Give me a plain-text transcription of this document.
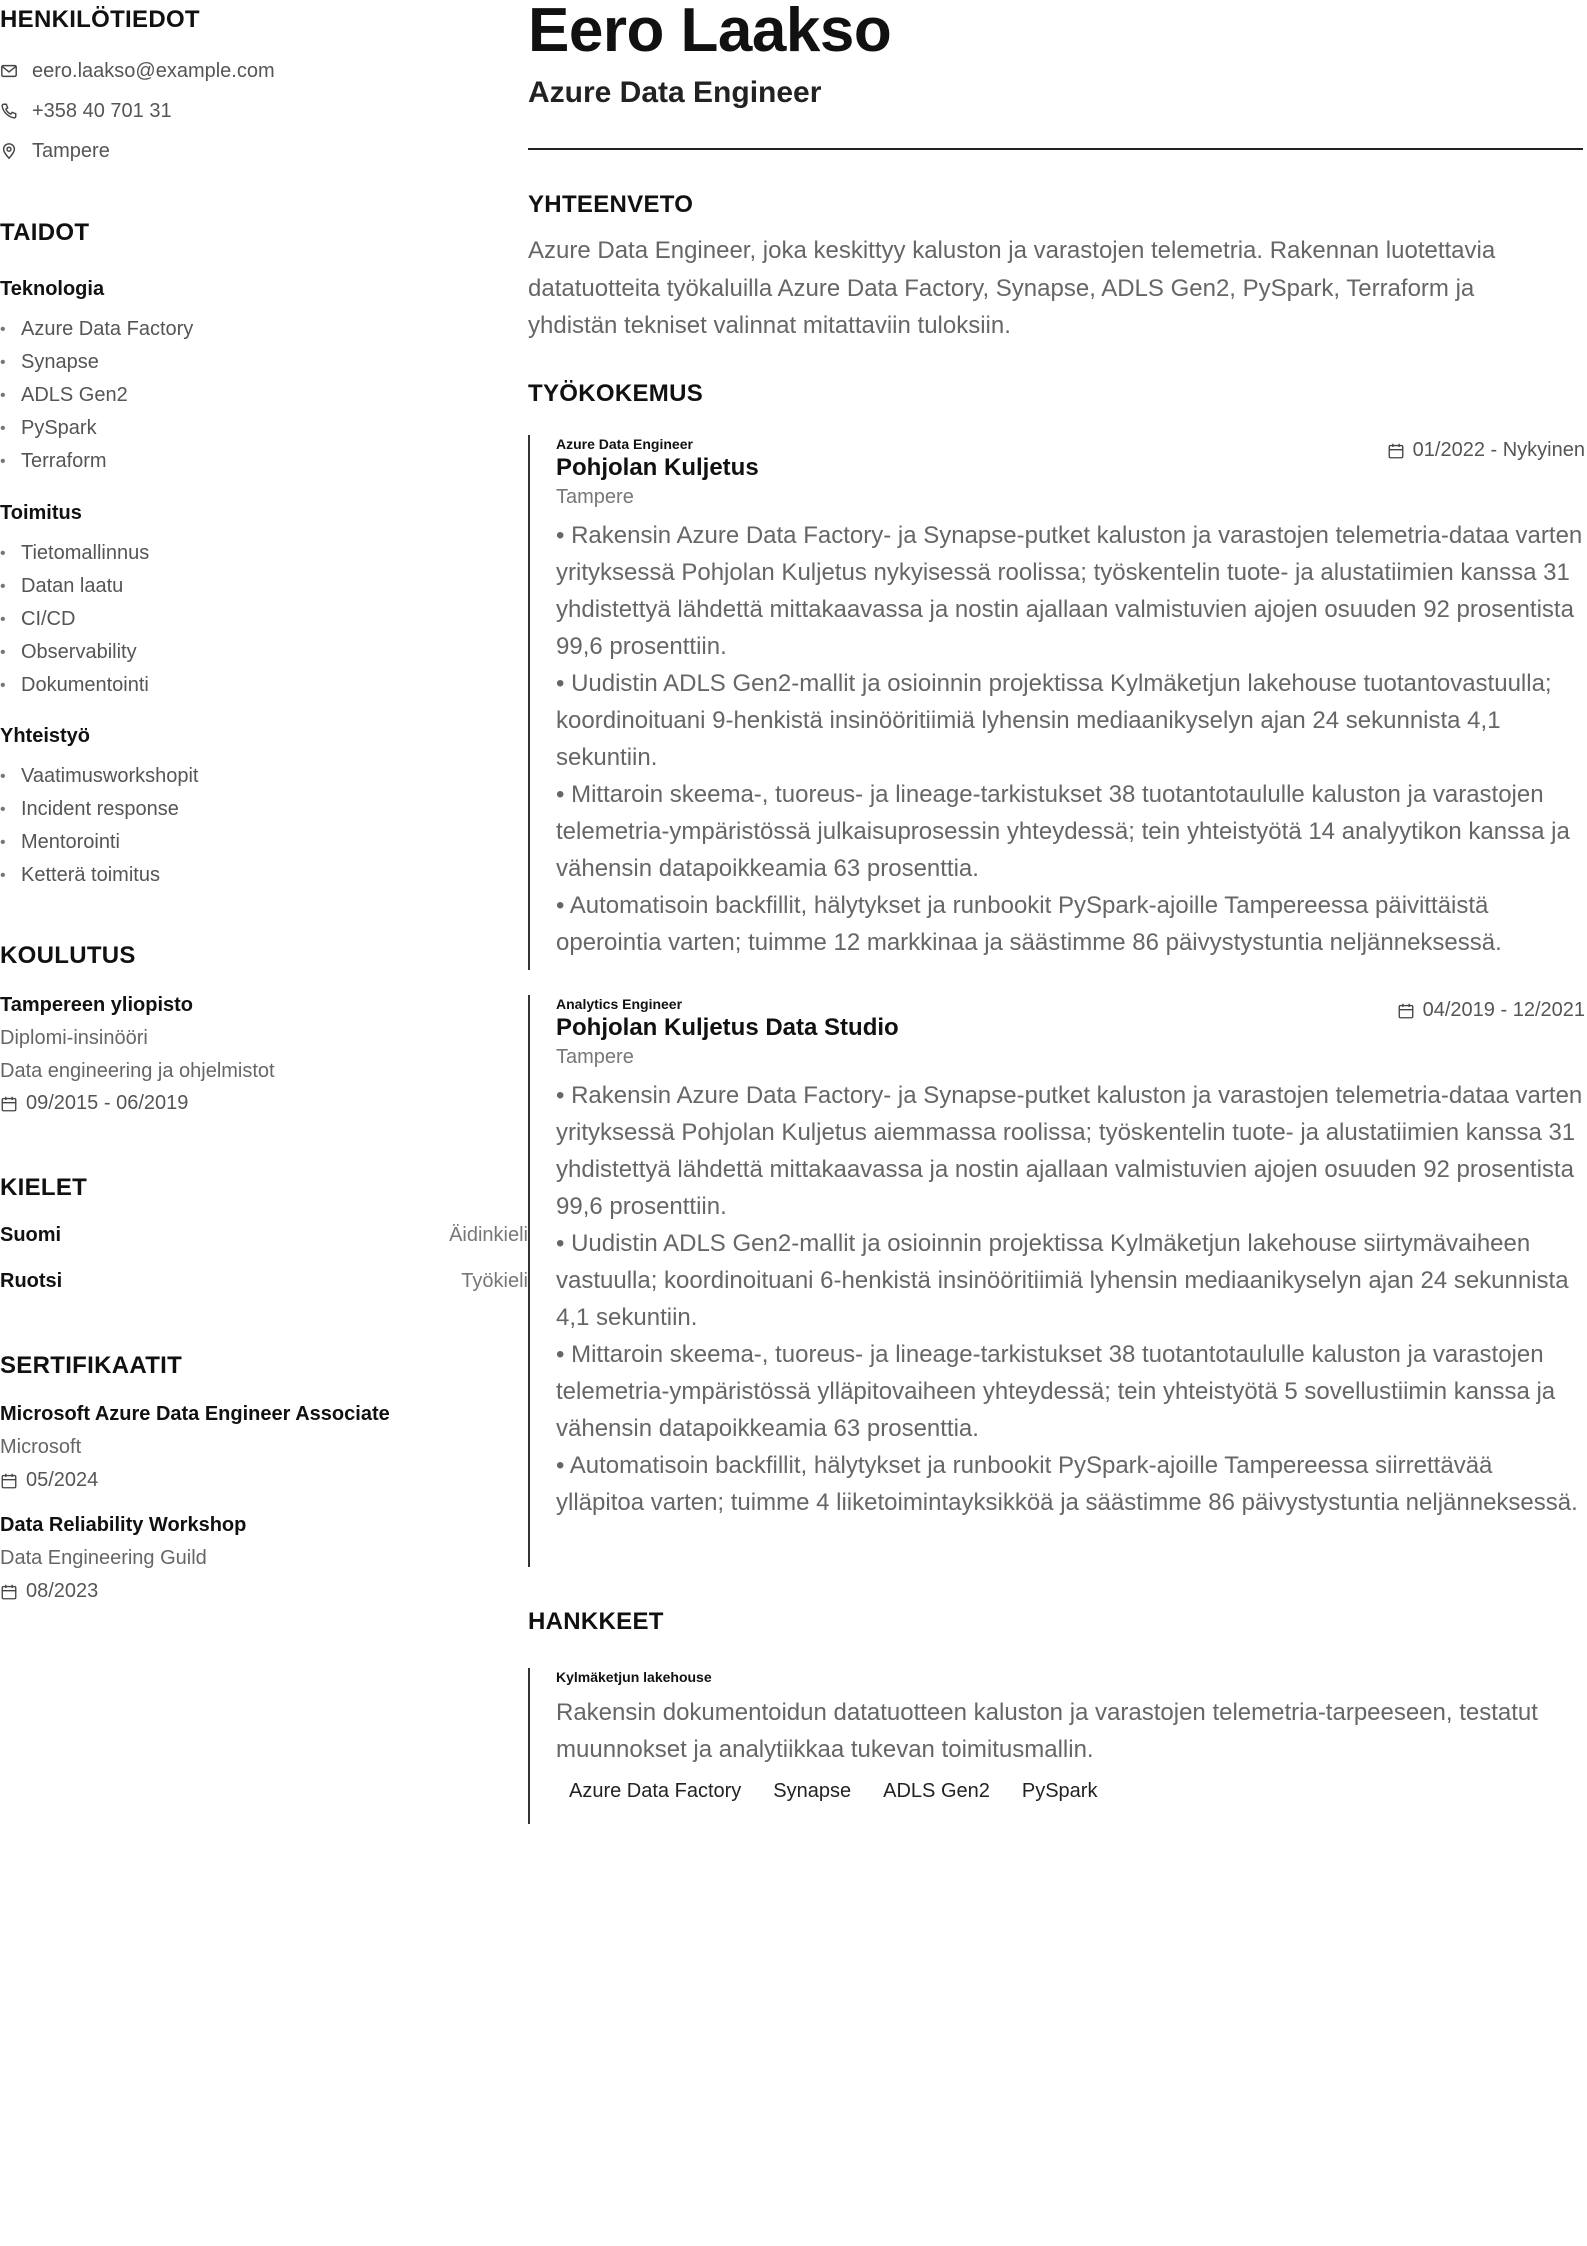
HENKILÖTIEDOT
eero.laakso@example.com
+358 40 701 31
Tampere
TAIDOT
Teknologia
• Azure Data Factory
• Synapse
• ADLS Gen2
• PySpark
• Terraform
Toimitus
• Tietomallinnus
• Datan laatu
• CI/CD
• Observability
• Dokumentointi
Yhteistyö
• Vaatimusworkshopit
• Incident response
• Mentorointi
• Ketterä toimitus
KOULUTUS
Tampereen yliopisto
Diplomi-insinööri
Data engineering ja ohjelmistot
09/2015 - 06/2019
KIELET
Suomi	Äidinkieli
Ruotsi	Työkieli
SERTIFIKAATIT
Microsoft Azure Data Engineer Associate
Microsoft
05/2024
Data Reliability Workshop
Data Engineering Guild
08/2023
Eero Laakso
Azure Data Engineer
YHTEENVETO

Azure Data Engineer, joka keskittyy kaluston ja varastojen telemetria. Rakennan luotettavia datatuotteita työkaluilla Azure Data Factory, Synapse, ADLS Gen2, PySpark, Terraform ja yhdistän tekniset valinnat mitattaviin tuloksiin.

TYÖKOKEMUS
Azure Data Engineer
Pohjolan Kuljetus
Tampere
01/2022 - Nykyinen

• Rakensin Azure Data Factory- ja Synapse-putket kaluston ja varastojen telemetria-dataa varten yrityksessä Pohjolan Kuljetus nykyisessä roolissa; työskentelin tuote- ja alustatiimien kanssa 31 yhdistettyä lähdettä mittakaavassa ja nostin ajallaan valmistuvien ajojen osuuden 92 prosentista 99,6 prosenttiin.

• Uudistin ADLS Gen2-mallit ja osioinnin projektissa Kylmäketjun lakehouse tuotantovastuulla; koordinoituani 9-henkistä insinööritiimiä lyhensin mediaanikyselyn ajan 24 sekunnista 4,1 sekuntiin.

• Mittaroin skeema-, tuoreus- ja lineage-tarkistukset 38 tuotantotaululle kaluston ja varastojen telemetria-ympäristössä julkaisuprosessin yhteydessä; tein yhteistyötä 14 analyytikon kanssa ja vähensin datapoikkeamia 63 prosenttia.

• Automatisoin backfillit, hälytykset ja runbookit PySpark-ajoille Tampereessa päivittäistä operointia varten; tuimme 12 markkinaa ja säästimme 86 päivystystuntia neljänneksessä.

Analytics Engineer
Pohjolan Kuljetus Data Studio
Tampere
04/2019 - 12/2021

• Rakensin Azure Data Factory- ja Synapse-putket kaluston ja varastojen telemetria-dataa varten yrityksessä Pohjolan Kuljetus aiemmassa roolissa; työskentelin tuote- ja alustatiimien kanssa 31 yhdistettyä lähdettä mittakaavassa ja nostin ajallaan valmistuvien ajojen osuuden 92 prosentista 99,6 prosenttiin.

• Uudistin ADLS Gen2-mallit ja osioinnin projektissa Kylmäketjun lakehouse siirtymävaiheen vastuulla; koordinoituani 6-henkistä insinööritiimiä lyhensin mediaanikyselyn ajan 24 sekunnista 4,1 sekuntiin.

• Mittaroin skeema-, tuoreus- ja lineage-tarkistukset 38 tuotantotaululle kaluston ja varastojen telemetria-ympäristössä ylläpitovaiheen yhteydessä; tein yhteistyötä 5 sovellustiimin kanssa ja vähensin datapoikkeamia 63 prosenttia.

• Automatisoin backfillit, hälytykset ja runbookit PySpark-ajoille Tampereessa siirrettävää ylläpitoa varten; tuimme 4 liiketoimintayksikköä ja säästimme 86 päivystystuntia neljänneksessä.

HANKKEET
Kylmäketjun lakehouse

Rakensin dokumentoidun datatuotteen kaluston ja varastojen telemetria-tarpeeseen, testatut muunnokset ja analytiikkaa tukevan toimitusmallin.

Azure Data Factory Synapse ADLS Gen2 PySpark
